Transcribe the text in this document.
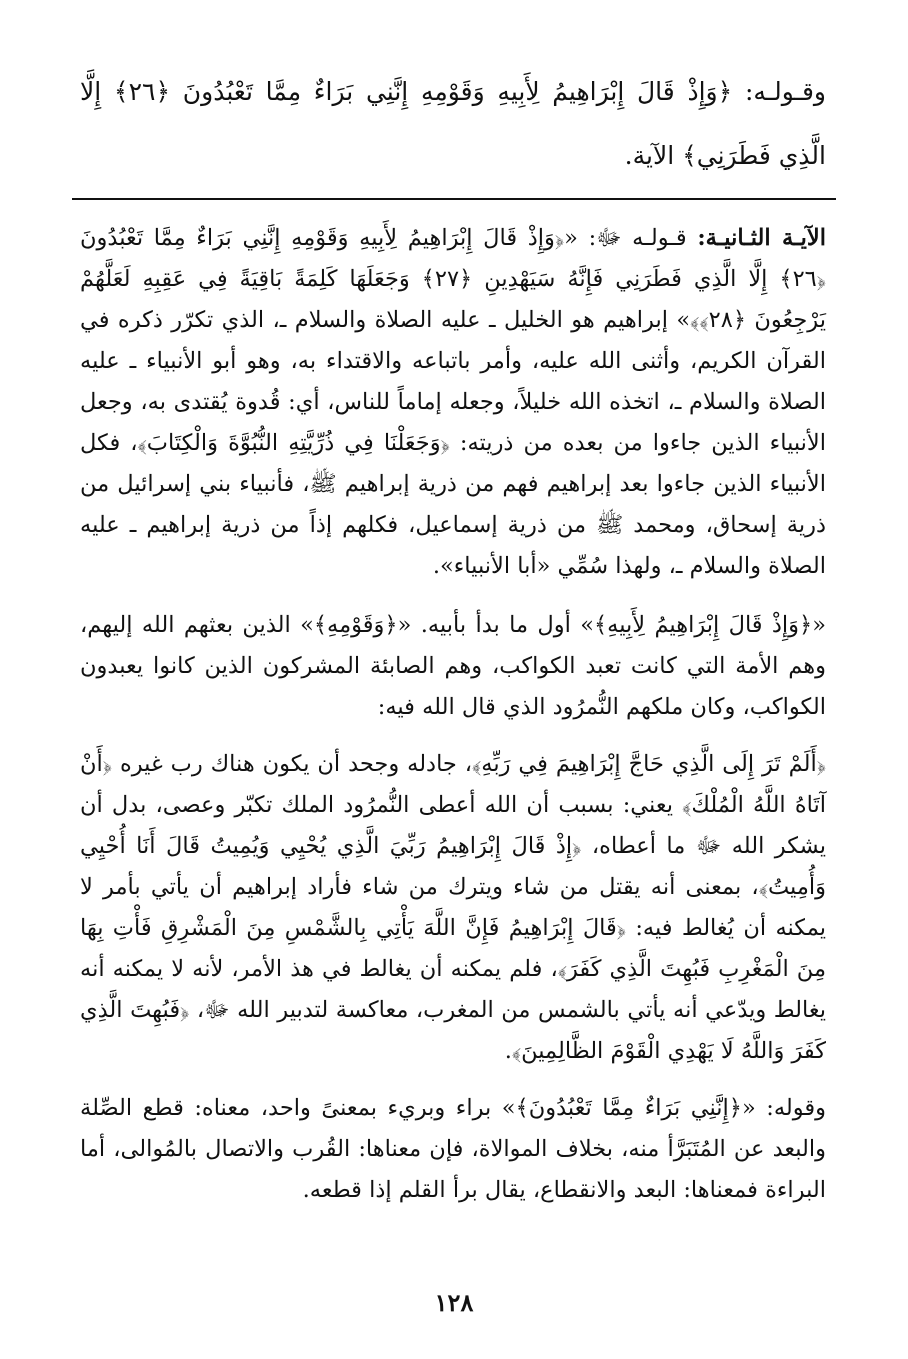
وقـولـه: ﴿وَإِذْ قَالَ إِبْرَاهِيمُ لِأَبِيهِ وَقَوْمِهِ إِنَّنِي بَرَاءٌ مِمَّا تَعْبُدُونَ ﴿٢٦﴾ إِلَّا الَّذِي فَطَرَنِي﴾ الآية.

الآيـة الثـانيـة: قـولـه ﷻ: «﴿وَإِذْ قَالَ إِبْرَاهِيمُ لِأَبِيهِ وَقَوْمِهِ إِنَّنِي بَرَاءٌ مِمَّا تَعْبُدُونَ ﴿٢٦﴾ إِلَّا الَّذِي فَطَرَنِي فَإِنَّهُ سَيَهْدِينِ ﴿٢٧﴾ وَجَعَلَهَا كَلِمَةً بَاقِيَةً فِي عَقِبِهِ لَعَلَّهُمْ يَرْجِعُونَ ﴿٢٨﴾﴾» إبراهيم هو الخليل ـ عليه الصلاة والسلام ـ، الذي تكرّر ذكره في القرآن الكريم، وأثنى الله عليه، وأمر باتباعه والاقتداء به، وهو أبو الأنبياء ـ عليه الصلاة والسلام ـ، اتخذه الله خليلاً، وجعله إماماً للناس، أي: قُدوة يُقتدى به، وجعل الأنبياء الذين جاءوا من بعده من ذريته: ﴿وَجَعَلْنَا فِي ذُرِّيَّتِهِ النُّبُوَّةَ وَالْكِتَابَ﴾، فكل الأنبياء الذين جاءوا بعد إبراهيم فهم من ذرية إبراهيم ﷺ، فأنبياء بني إسرائيل من ذرية إسحاق، ومحمد ﷺ من ذرية إسماعيل، فكلهم إذاً من ذرية إبراهيم ـ عليه الصلاة والسلام ـ، ولهذا سُمِّي «أبا الأنبياء».

«﴿وَإِذْ قَالَ إِبْرَاهِيمُ لِأَبِيهِ﴾» أول ما بدأ بأبيه. «﴿وَقَوْمِهِ﴾» الذين بعثهم الله إليهم، وهم الأمة التي كانت تعبد الكواكب، وهم الصابئة المشركون الذين كانوا يعبدون الكواكب، وكان ملكهم النُّمرُود الذي قال الله فيه:

﴿أَلَمْ تَرَ إِلَى الَّذِي حَاجَّ إِبْرَاهِيمَ فِي رَبِّهِ﴾، جادله وجحد أن يكون هناك رب غيره ﴿أَنْ آتَاهُ اللَّهُ الْمُلْكَ﴾ يعني: بسبب أن الله أعطى النُّمرُود الملك تكبّر وعصى، بدل أن يشكر الله ﷻ ما أعطاه، ﴿إِذْ قَالَ إِبْرَاهِيمُ رَبِّيَ الَّذِي يُحْيِي وَيُمِيتُ قَالَ أَنَا أُحْيِي وَأُمِيتُ﴾، بمعنى أنه يقتل من شاء ويترك من شاء فأراد إبراهيم أن يأتي بأمر لا يمكنه أن يُغالط فيه: ﴿قَالَ إِبْرَاهِيمُ فَإِنَّ اللَّهَ يَأْتِي بِالشَّمْسِ مِنَ الْمَشْرِقِ فَأْتِ بِهَا مِنَ الْمَغْرِبِ فَبُهِتَ الَّذِي كَفَرَ﴾، فلم يمكنه أن يغالط في هذ الأمر، لأنه لا يمكنه أنه يغالط ويدّعي أنه يأتي بالشمس من المغرب، معاكسة لتدبير الله ﷻ، ﴿فَبُهِتَ الَّذِي كَفَرَ وَاللَّهُ لَا يَهْدِي الْقَوْمَ الظَّالِمِينَ﴾.

وقوله: «﴿إِنَّنِي بَرَاءٌ مِمَّا تَعْبُدُونَ﴾» براء وبريء بمعنىً واحد، معناه: قطع الصِّلة والبعد عن المُتَبَرَّأ منه، بخلاف الموالاة، فإن معناها: القُرب والاتصال بالمُوالى، أما البراءة فمعناها: البعد والانقطاع، يقال برأ القلم إذا قطعه.

١٢٨
